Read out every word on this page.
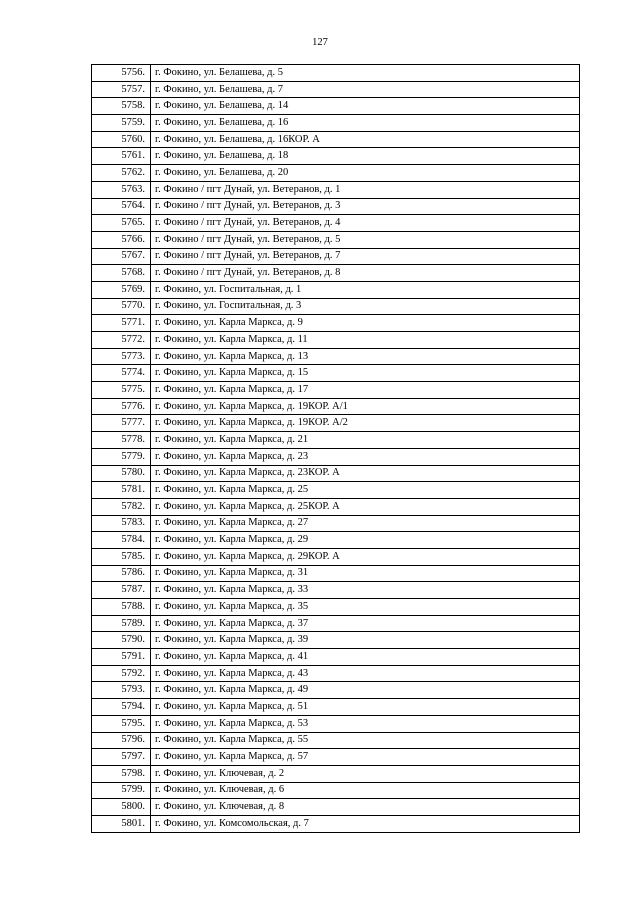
127
5756.	г. Фокино, ул. Белашева, д. 5
5757.	г. Фокино, ул. Белашева, д. 7
5758.	г. Фокино, ул. Белашева, д. 14
5759.	г. Фокино, ул. Белашева, д. 16
5760.	г. Фокино, ул. Белашева, д. 16КОР. А
5761.	г. Фокино, ул. Белашева, д. 18
5762.	г. Фокино, ул. Белашева, д. 20
5763.	г. Фокино / пгт Дунай, ул. Ветеранов, д. 1
5764.	г. Фокино / пгт Дунай, ул. Ветеранов, д. 3
5765.	г. Фокино / пгт Дунай, ул. Ветеранов, д. 4
5766.	г. Фокино / пгт Дунай, ул. Ветеранов, д. 5
5767.	г. Фокино / пгт Дунай, ул. Ветеранов, д. 7
5768.	г. Фокино / пгт Дунай, ул. Ветеранов, д. 8
5769.	г. Фокино, ул. Госпитальная, д. 1
5770.	г. Фокино, ул. Госпитальная, д. 3
5771.	г. Фокино, ул. Карла Маркса, д. 9
5772.	г. Фокино, ул. Карла Маркса, д. 11
5773.	г. Фокино, ул. Карла Маркса, д. 13
5774.	г. Фокино, ул. Карла Маркса, д. 15
5775.	г. Фокино, ул. Карла Маркса, д. 17
5776.	г. Фокино, ул. Карла Маркса, д. 19КОР. А/1
5777.	г. Фокино, ул. Карла Маркса, д. 19КОР. А/2
5778.	г. Фокино, ул. Карла Маркса, д. 21
5779.	г. Фокино, ул. Карла Маркса, д. 23
5780.	г. Фокино, ул. Карла Маркса, д. 23КОР. А
5781.	г. Фокино, ул. Карла Маркса, д. 25
5782.	г. Фокино, ул. Карла Маркса, д. 25КОР. А
5783.	г. Фокино, ул. Карла Маркса, д. 27
5784.	г. Фокино, ул. Карла Маркса, д. 29
5785.	г. Фокино, ул. Карла Маркса, д. 29КОР. А
5786.	г. Фокино, ул. Карла Маркса, д. 31
5787.	г. Фокино, ул. Карла Маркса, д. 33
5788.	г. Фокино, ул. Карла Маркса, д. 35
5789.	г. Фокино, ул. Карла Маркса, д. 37
5790.	г. Фокино, ул. Карла Маркса, д. 39
5791.	г. Фокино, ул. Карла Маркса, д. 41
5792.	г. Фокино, ул. Карла Маркса, д. 43
5793.	г. Фокино, ул. Карла Маркса, д. 49
5794.	г. Фокино, ул. Карла Маркса, д. 51
5795.	г. Фокино, ул. Карла Маркса, д. 53
5796.	г. Фокино, ул. Карла Маркса, д. 55
5797.	г. Фокино, ул. Карла Маркса, д. 57
5798.	г. Фокино, ул. Ключевая, д. 2
5799.	г. Фокино, ул. Ключевая, д. 6
5800.	г. Фокино, ул. Ключевая, д. 8
5801.	г. Фокино, ул. Комсомольская, д. 7
